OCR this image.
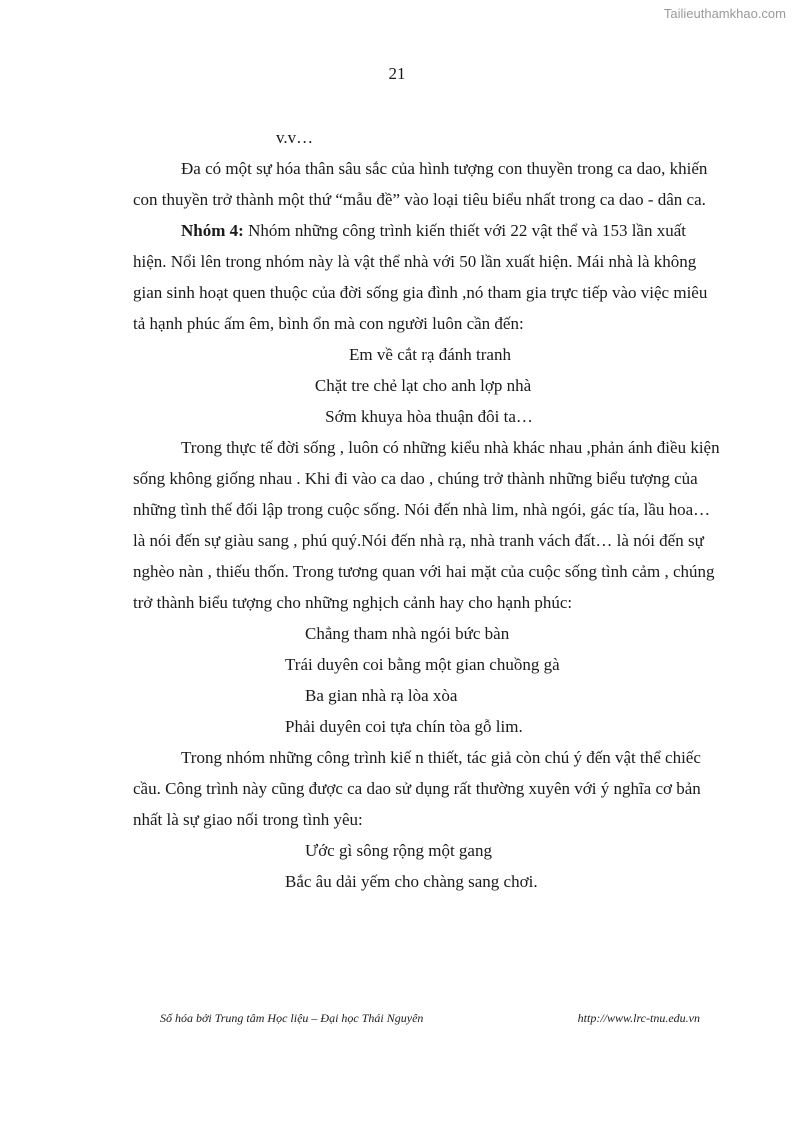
Tailieuthamkhao.com
21

v.v…

Đa có một sự hóa thân sâu sắc của hình tượng con thuyền trong ca dao, khiến con thuyền trở thành một thứ “mẫu đề” vào loại tiêu biểu nhất trong ca dao - dân ca.

Nhóm 4: Nhóm những công trình kiến thiết với 22 vật thể và 153 lần xuất hiện. Nổi lên trong nhóm này là vật thể nhà với 50 lần xuất hiện. Mái nhà là không gian sinh hoạt quen thuộc của đời sống gia đình ,nó tham gia trực tiếp vào việc miêu tả hạnh phúc ấm êm, bình ổn mà con người luôn cần đến:

Em về cắt rạ đánh tranh

Chặt tre chẻ lạt cho anh lợp nhà

Sớm khuya hòa thuận đôi ta…

Trong thực tế đời sống , luôn có những kiểu nhà khác nhau ,phản ánh điều kiện sống không giống nhau . Khi đi vào ca dao , chúng trở thành những biểu tượng của những tình thế đối lập trong cuộc sống. Nói đến nhà lim, nhà ngói, gác tía, lầu hoa… là nói đến sự giàu sang , phú quý.Nói đến nhà rạ, nhà tranh vách đất… là nói đến sự nghèo nàn , thiếu thốn. Trong tương quan với hai mặt của cuộc sống tình cảm , chúng trở thành biểu tượng cho những nghịch cảnh hay cho hạnh phúc:

Chẳng tham nhà ngói bức bàn

Trái duyên coi bằng một gian chuồng gà

Ba gian nhà rạ lòa xòa

Phải duyên coi tựa chín tòa gỗ lim.

Trong nhóm những công trình kiế n thiết, tác giả còn chú ý đến vật thể chiếc cầu. Công trình này cũng được ca dao sử dụng rất thường xuyên với ý nghĩa cơ bản nhất là sự giao nối trong tình yêu:

Ước gì sông rộng một gang

Bắc âu dải yếm cho chàng sang chơi.

Số hóa bởi Trung tâm Học liệu – Đại học Thái Nguyên	http://www.lrc-tnu.edu.vn
